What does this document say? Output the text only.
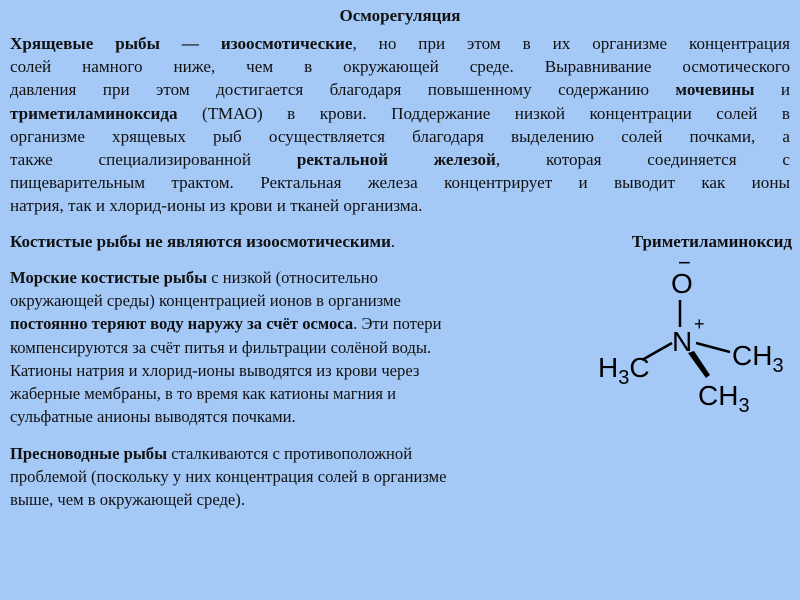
Осморегуляция
Хрящевые рыбы — изоосмотические, но при этом в их организме концентрация
солей намного ниже, чем в окружающей среде. Выравнивание осмотического
давления при этом достигается благодаря повышенному содержанию мочевины и
триметиламиноксида (ТМАО) в крови. Поддержание низкой концентрации солей в
организме хрящевых рыб осуществляется благодаря выделению солей почками, а
также специализированной ректальной железой, которая соединяется с
пищеварительным трактом. Ректальная железа концентрирует и выводит как ионы
натрия, так и хлорид-ионы из крови и тканей организма.
Костистые рыбы не являются изоосмотическими.	Триметиламиноксид
Морские костистые рыбы с низкой (относительно
окружающей среды) концентрацией ионов в организме
постоянно теряют воду наружу за счёт осмоса. Эти потери
компенсируются за счёт питья и фильтрации солёной воды.
Катионы натрия и хлорид-ионы выводятся из крови через
жаберные мембраны, в то время как катионы магния и
сульфатные анионы выводятся почками.
Пресноводные рыбы сталкиваются с противоположной
проблемой (поскольку у них концентрация солей в организме
выше, чем в окружающей среде).
O
−
N
+
$H_3C$	$CH_3$
$CH_3$
